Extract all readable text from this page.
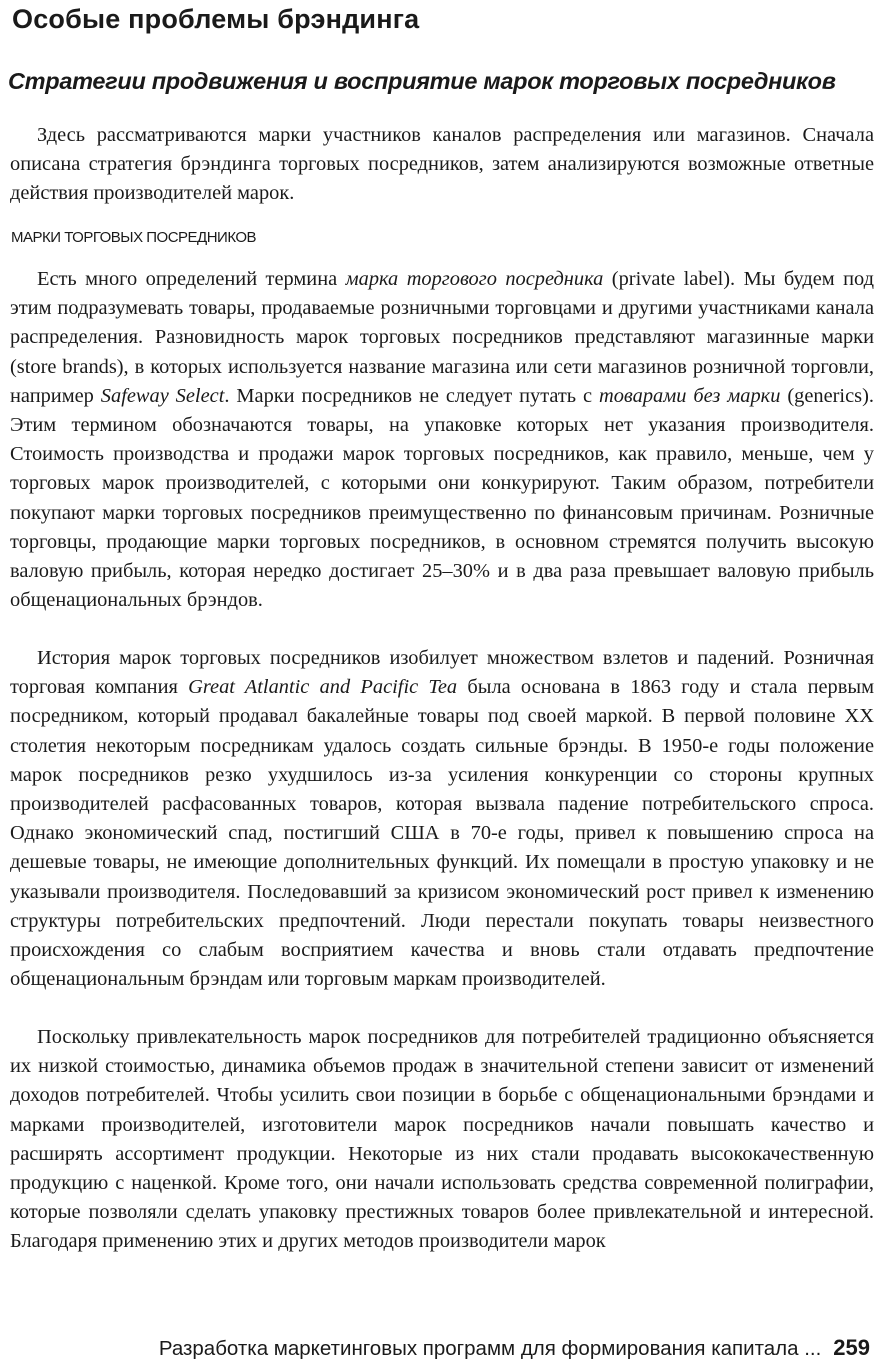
Особые проблемы брэндинга
Стратегии продвижения и восприятие марок торговых посредников

Здесь рассматриваются марки участников каналов распределения или магазинов. Сначала описана стратегия брэндинга торговых посредников, затем анализируются возможные ответные действия производителей марок.

МАРКИ ТОРГОВЫХ ПОСРЕДНИКОВ

Есть много определений термина марка торгового посредника (private label). Мы будем под этим подразумевать товары, продаваемые розничными торговцами и другими участниками канала распределения. Разновидность марок торговых посредников представляют магазинные марки (store brands), в которых используется название магазина или сети магазинов розничной торговли, например Safeway Select. Марки посредников не следует путать с товарами без марки (generics). Этим термином обозначаются товары, на упаковке которых нет указания производителя. Стоимость производства и продажи марок торговых посредников, как правило, меньше, чем у торговых марок производителей, с которыми они конкурируют. Таким образом, потребители покупают марки торговых посредников преимущественно по финансовым причинам. Розничные торговцы, продающие марки торговых посредников, в основном стремятся получить высокую валовую прибыль, которая нередко достигает 25–30% и в два раза превышает валовую прибыль общенациональных брэндов.

История марок торговых посредников изобилует множеством взлетов и падений. Розничная торговая компания Great Atlantic and Pacific Tea была основана в 1863 году и стала первым посредником, который продавал бакалейные товары под своей маркой. В первой половине XX столетия некоторым посредникам удалось создать сильные брэнды. В 1950-е годы положение марок посредников резко ухудшилось из-за усиления конкуренции со стороны крупных производителей расфасованных товаров, которая вызвала падение потребительского спроса. Однако экономический спад, постигший США в 70-е годы, привел к повышению спроса на дешевые товары, не имеющие дополнительных функций. Их помещали в простую упаковку и не указывали производителя. Последовавший за кризисом экономический рост привел к изменению структуры потребительских предпочтений. Люди перестали покупать товары неизвестного происхождения со слабым восприятием качества и вновь стали отдавать предпочтение общенациональным брэндам или торговым маркам производителей.

Поскольку привлекательность марок посредников для потребителей традиционно объясняется их низкой стоимостью, динамика объемов продаж в значительной степени зависит от изменений доходов потребителей. Чтобы усилить свои позиции в борьбе с общенациональными брэндами и марками производителей, изготовители марок посредников начали повышать качество и расширять ассортимент продукции. Некоторые из них стали продавать высококачественную продукцию с наценкой. Кроме того, они начали использовать средства современной полиграфии, которые позволяли сделать упаковку престижных товаров более привлекательной и интересной. Благодаря применению этих и других методов производители марок

Разработка маркетинговых программ для формирования капитала ... 259
